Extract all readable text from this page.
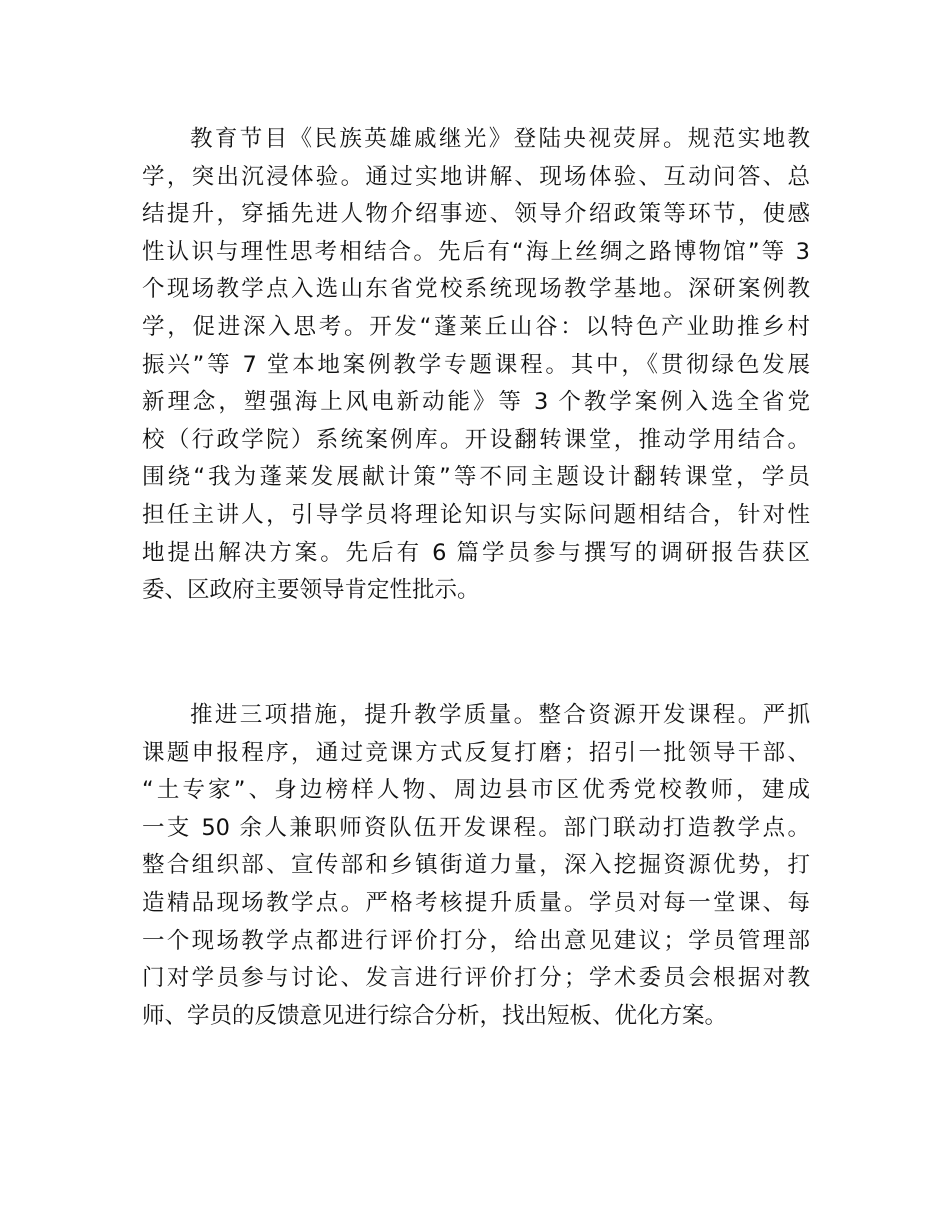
教育节目《民族英雄戚继光》登陆央视荧屏。规范实地教
学，突出沉浸体验。通过实地讲解、现场体验、互动问答、总
结提升，穿插先进人物介绍事迹、领导介绍政策等环节，使感
性认识与理性思考相结合。先后有“海上丝绸之路博物馆”等 3
个现场教学点入选山东省党校系统现场教学基地。深研案例教
学，促进深入思考。开发“蓬莱丘山谷：以特色产业助推乡村
振兴”等 7 堂本地案例教学专题课程。其中，《贯彻绿色发展
新理念，塑强海上风电新动能》等 3 个教学案例入选全省党
校（行政学院）系统案例库。开设翻转课堂，推动学用结合。
围绕“我为蓬莱发展献计策”等不同主题设计翻转课堂，学员
担任主讲人，引导学员将理论知识与实际问题相结合，针对性
地提出解决方案。先后有 6 篇学员参与撰写的调研报告获区
委、区政府主要领导肯定性批示。
推进三项措施，提升教学质量。整合资源开发课程。严抓
课题申报程序，通过竞课方式反复打磨；招引一批领导干部、
“土专家”、身边榜样人物、周边县市区优秀党校教师，建成
一支 50 余人兼职师资队伍开发课程。部门联动打造教学点。
整合组织部、宣传部和乡镇街道力量，深入挖掘资源优势，打
造精品现场教学点。严格考核提升质量。学员对每一堂课、每
一个现场教学点都进行评价打分，给出意见建议；学员管理部
门对学员参与讨论、发言进行评价打分；学术委员会根据对教
师、学员的反馈意见进行综合分析，找出短板、优化方案。
